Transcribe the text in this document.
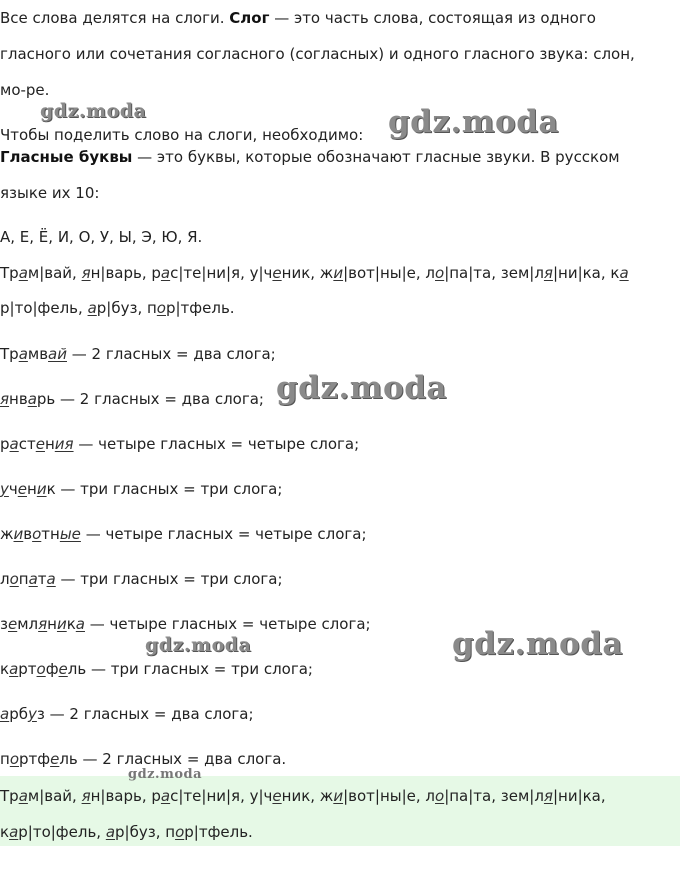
Все слова делятся на слоги. Слог — это часть слова, состоящая из одного

гласного или сочетания согласного (согласных) и одного гласного звука: слон,

мо-ре.

Чтобы поделить слово на слоги, необходимо:

Гласные буквы — это буквы, которые обозначают гласные звуки. В русском

языке их 10:

А, Е, Ё, И, О, У, Ы, Э, Ю, Я.

Трам|вай, ян|варь, рас|те|ни|я, у|ченик, жи|вот|ны|е, ло|па|та, зем|ля|ни|ка, ка

р|то|фель, ар|буз, пор|тфель.

Трамвай — 2 гласных = два слога;

январь — 2 гласных = два слога;

растения — четыре гласных = четыре слога;

ученик — три гласных = три слога;

животные — четыре гласных = четыре слога;

лопата — три гласных = три слога;

земляника — четыре гласных = четыре слога;

картофель — три гласных = три слога;

арбуз — 2 гласных = два слога;

портфель — 2 гласных = два слога.

Трам|вай, ян|варь, рас|те|ни|я, у|ченик, жи|вот|ны|е, ло|па|та, зем|ля|ни|ка,

кар|то|фель, ар|буз, пор|тфель.

gdz.moda	gdz.moda
gdz.moda
gdz.moda	gdz.moda
gdz.moda
